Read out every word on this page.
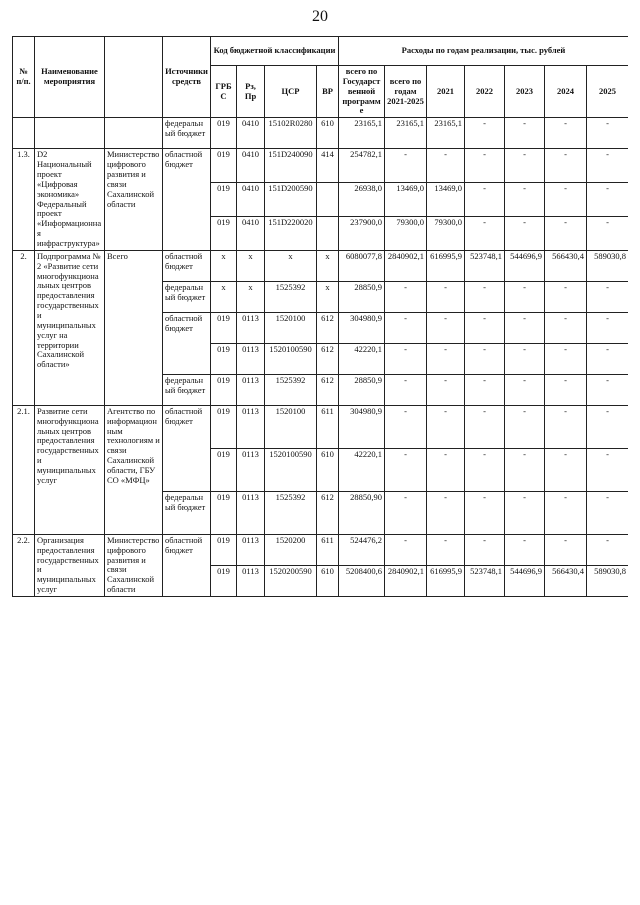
20
№ п/п.	Наименование мероприятия		Источники средств	Код бюджетной классификации				Расходы по годам реализации, тыс. рублей						
				ГРБС	Рз, Пр	ЦСР	ВР	всего по Государственной программе	всего по годам 2021-2025	2021	2022	2023	2024	2025
			федеральный бюджет	019	0410	15102R0280	610	23165,1	23165,1	23165,1	-	-	-	-
1.3.	D2 Национальный проект «Цифровая экономика» Федеральный проект «Информационная инфраструктура»	Министерство цифрового развития и связи Сахалинской области	областной бюджет	019	0410	151D240090	414	254782,1	-	-	-	-	-	-
				019	0410	151D200590		26938,0	13469,0	13469,0	-	-	-	-
				019	0410	151D220020		237900,0	79300,0	79300,0	-	-	-	-
2.	Подпрограмма № 2 «Развитие сети многофункциональных центров предоставления государственных и муниципальных услуг на территории Сахалинской области»	Всего	областной бюджет	x	x	x	x	6080077,8	2840902,1	616995,9	523748,1	544696,9	566430,4	589030,8
			федеральный бюджет	x	x	1525392	x	28850,9	-	-	-	-	-	-
			областной бюджет	019	0113	1520100	612	304980,9	-	-	-	-	-	-
				019	0113	1520100590	612	42220,1	-	-	-	-	-	-
			федеральный бюджет	019	0113	1525392	612	28850,9	-	-	-	-	-	-
2.1.	Развитие сети многофункциональных центров предоставления государственных и муниципальных услуг	Агентство по информационным технологиям и связи Сахалинской области, ГБУ СО «МФЦ»	областной бюджет	019	0113	1520100	611	304980,9	-	-	-	-	-	-
				019	0113	1520100590	610	42220,1	-	-	-	-	-	-
			федеральный бюджет	019	0113	1525392	612	28850,90	-	-	-	-	-	-
2.2.	Организация предоставления государственных и муниципальных услуг	Министерство цифрового развития и связи Сахалинской области	областной бюджет	019	0113	1520200	611	524476,2	-	-	-	-	-	-
				019	0113	1520200590	610	5208400,6	2840902,1	616995,9	523748,1	544696,9	566430,4	589030,8
